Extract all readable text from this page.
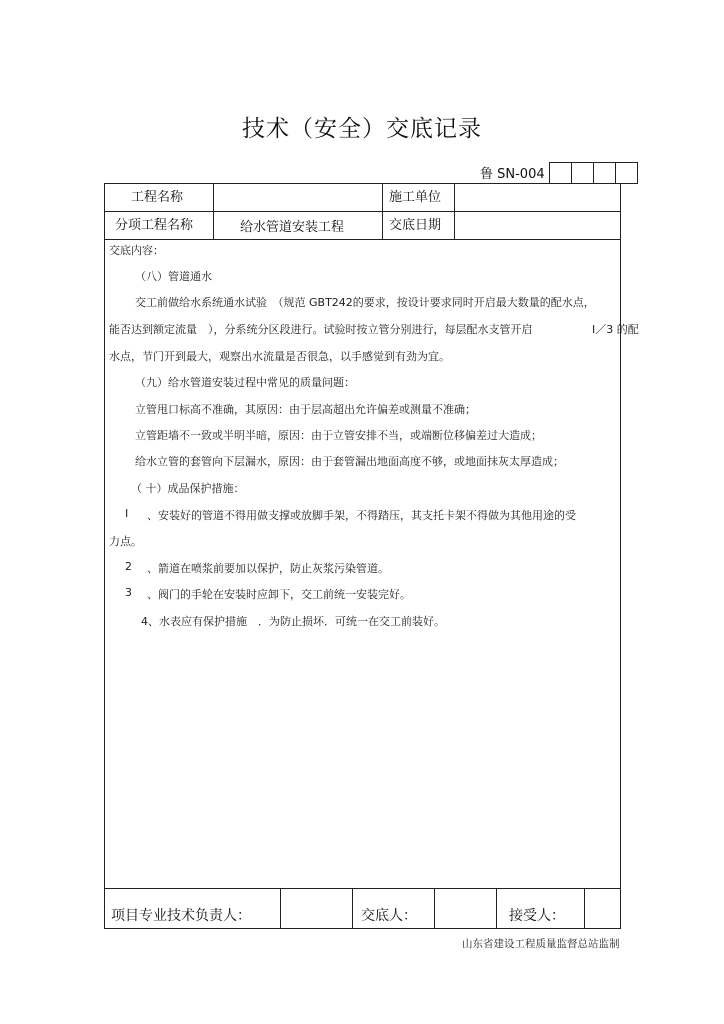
技术（安全）交底记录
鲁 SN-004
工程名称	施工单位
分项工程名称	给水管道安装工程	交底日期
交底内容：
（八）管道通水
交工前做给水系统通水试验　（规范 GBT242的要求，按设计要求同时开启最大数量的配水点，
能否达到额定流量　），分系统分区段进行。试验时按立管分别进行，每层配水支管开启	I／3 的配
水点，节门开到最大，观察出水流量是否很急，以手感觉到有劲为宜。
（九）给水管道安装过程中常见的质量问题：
立管甩口标高不准确，其原因：由于层高超出允许偏差或测量不准确；
立管距墙不一致或半明半暗，原因：由于立管安排不当，或端断位移偏差过大造成；
给水立管的套管向下层漏水，原因：由于套管漏出地面高度不够，或地面抹灰太厚造成；
（ 十）成品保护措施：
I 、安装好的管道不得用做支撑或放脚手架，不得踏压，其支托卡架不得做为其他用途的受
力点。
2 、箭道在喷浆前要加以保护，防止灰浆污染管道。
3 、阀门的手轮在安装时应卸下，交工前统一安装完好。
4、水表应有保护措施　．为防止损坏．可统一在交工前装好。
项目专业技术负责人：	交底人：	接受人：
山东省建设工程质量监督总站监制
